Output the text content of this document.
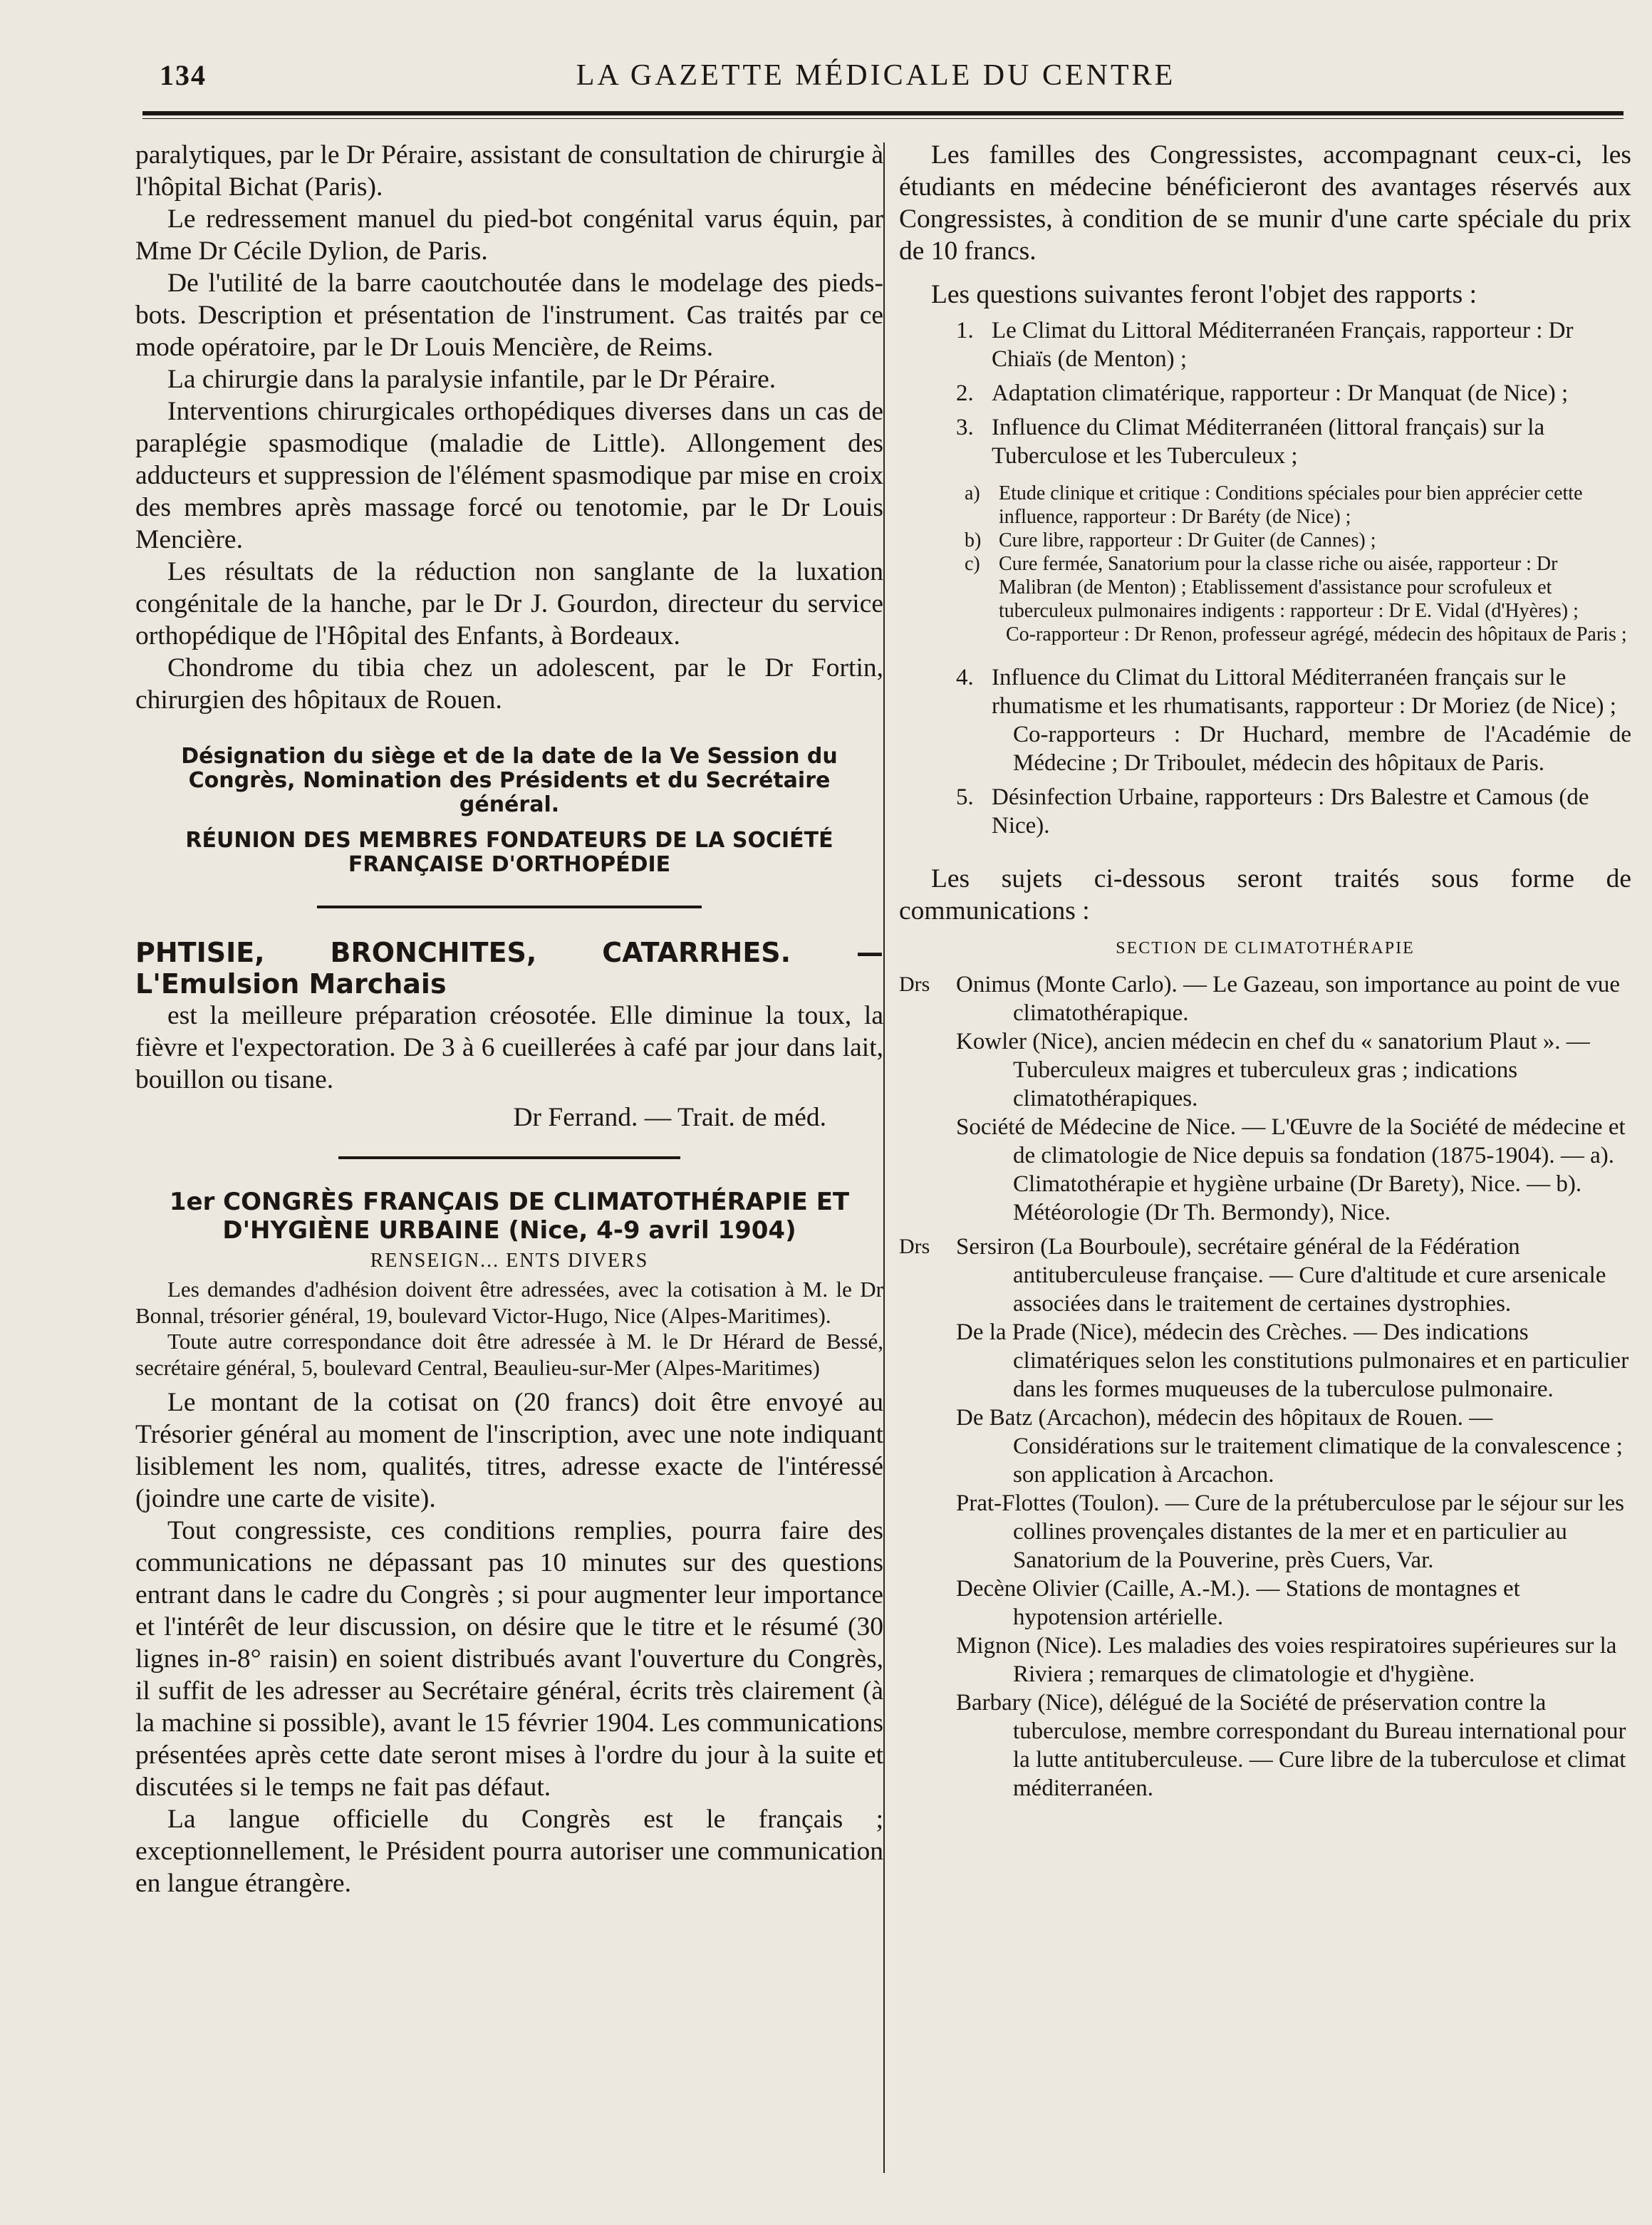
134	LA GAZETTE MÉDICALE DU CENTRE

paralytiques, par le Dr Péraire, assistant de consultation de chirurgie à l'hôpital Bichat (Paris).

Le redressement manuel du pied-bot congénital varus équin, par Mme Dr Cécile Dylion, de Paris.

De l'utilité de la barre caoutchoutée dans le modelage des pieds-bots. Description et présentation de l'instrument. Cas traités par ce mode opératoire, par le Dr Louis Mencière, de Reims.

La chirurgie dans la paralysie infantile, par le Dr Péraire.

Interventions chirurgicales orthopédiques diverses dans un cas de paraplégie spasmodique (maladie de Little). Allongement des adducteurs et suppression de l'élément spasmodique par mise en croix des membres après massage forcé ou tenotomie, par le Dr Louis Mencière.

Les résultats de la réduction non sanglante de la luxation congénitale de la hanche, par le Dr J. Gourdon, directeur du service orthopédique de l'Hôpital des Enfants, à Bordeaux.

Chondrome du tibia chez un adolescent, par le Dr Fortin, chirurgien des hôpitaux de Rouen.

Désignation du siège et de la date de la Ve Session du Congrès, Nomination des Présidents et du Secrétaire général.

RÉUNION DES MEMBRES FONDATEURS DE LA SOCIÉTÉ FRANÇAISE D'ORTHOPÉDIE

PHTISIE, BRONCHITES, CATARRHES. — L'Emulsion Marchais

est la meilleure préparation créosotée. Elle diminue la toux, la fièvre et l'expectoration. De 3 à 6 cueillerées à café par jour dans lait, bouillon ou tisane.

Dr Ferrand. — Trait. de méd.

1er CONGRÈS FRANÇAIS DE CLIMATOTHÉRAPIE ET D'HYGIÈNE URBAINE (Nice, 4-9 avril 1904)

RENSEIGN... ENTS DIVERS

Les demandes d'adhésion doivent être adressées, avec la cotisation à M. le Dr Bonnal, trésorier général, 19, boulevard Victor-Hugo, Nice (Alpes-Maritimes).

Toute autre correspondance doit être adressée à M. le Dr Hérard de Bessé, secrétaire général, 5, boulevard Central, Beaulieu-sur-Mer (Alpes-Maritimes)

Le montant de la cotisat on (20 francs) doit être envoyé au Trésorier général au moment de l'inscription, avec une note indiquant lisiblement les nom, qualités, titres, adresse exacte de l'intéressé (joindre une carte de visite).

Tout congressiste, ces conditions remplies, pourra faire des communications ne dépassant pas 10 minutes sur des questions entrant dans le cadre du Congrès ; si pour augmenter leur importance et l'intérêt de leur discussion, on désire que le titre et le résumé (30 lignes in-8° raisin) en soient distribués avant l'ouverture du Congrès, il suffit de les adresser au Secrétaire général, écrits très clairement (à la machine si possible), avant le 15 février 1904. Les communications présentées après cette date seront mises à l'ordre du jour à la suite et discutées si le temps ne fait pas défaut.

La langue officielle du Congrès est le français ; exceptionnellement, le Président pourra autoriser une communication en langue étrangère.

Les familles des Congressistes, accompagnant ceux-ci, les étudiants en médecine bénéficieront des avantages réservés aux Congressistes, à condition de se munir d'une carte spéciale du prix de 10 francs.

Les questions suivantes feront l'objet des rapports :

1. Le Climat du Littoral Méditerranéen Français, rapporteur : Dr Chiaïs (de Menton) ;
2. Adaptation climatérique, rapporteur : Dr Manquat (de Nice) ;
3. Influence du Climat Méditerranéen (littoral français) sur la Tuberculose et les Tuberculeux ;
a) Etude clinique et critique : Conditions spéciales pour bien apprécier cette influence, rapporteur : Dr Baréty (de Nice) ;
b) Cure libre, rapporteur : Dr Guiter (de Cannes) ;
c) Cure fermée, Sanatorium pour la classe riche ou aisée, rapporteur : Dr Malibran (de Menton) ; Etablissement d'assistance pour scrofuleux et tuberculeux pulmonaires indigents : rapporteur : Dr E. Vidal (d'Hyères) ;

Co-rapporteur : Dr Renon, professeur agrégé, médecin des hôpitaux de Paris ;

4. Influence du Climat du Littoral Méditerranéen français sur le rhumatisme et les rhumatisants, rapporteur : Dr Moriez (de Nice) ;

Co-rapporteurs : Dr Huchard, membre de l'Académie de Médecine ; Dr Triboulet, médecin des hôpitaux de Paris.

5. Désinfection Urbaine, rapporteurs : Drs Balestre et Camous (de Nice).

Les sujets ci-dessous seront traités sous forme de communications :

SECTION DE CLIMATOTHÉRAPIE

Drs Onimus (Monte Carlo). — Le Gazeau, son importance au point de vue climatothérapique.
Kowler (Nice), ancien médecin en chef du « sanatorium Plaut ». — Tuberculeux maigres et tuberculeux gras ; indications climatothérapiques.
Société de Médecine de Nice. — L'Œuvre de la Société de médecine et de climatologie de Nice depuis sa fondation (1875-1904). — a). Climatothérapie et hygiène urbaine (Dr Barety), Nice. — b). Météorologie (Dr Th. Bermondy), Nice.
Drs Sersiron (La Bourboule), secrétaire général de la Fédération antituberculeuse française. — Cure d'altitude et cure arsenicale associées dans le traitement de certaines dystrophies.
De la Prade (Nice), médecin des Crèches. — Des indications climatériques selon les constitutions pulmonaires et en particulier dans les formes muqueuses de la tuberculose pulmonaire.
De Batz (Arcachon), médecin des hôpitaux de Rouen. — Considérations sur le traitement climatique de la convalescence ; son application à Arcachon.
Prat-Flottes (Toulon). — Cure de la prétuberculose par le séjour sur les collines provençales distantes de la mer et en particulier au Sanatorium de la Pouverine, près Cuers, Var.
Decène Olivier (Caille, A.-M.). — Stations de montagnes et hypotension artérielle.
Mignon (Nice). Les maladies des voies respiratoires supérieures sur la Riviera ; remarques de climatologie et d'hygiène.
Barbary (Nice), délégué de la Société de préservation contre la tuberculose, membre correspondant du Bureau international pour la lutte antituberculeuse. — Cure libre de la tuberculose et climat méditerranéen.
